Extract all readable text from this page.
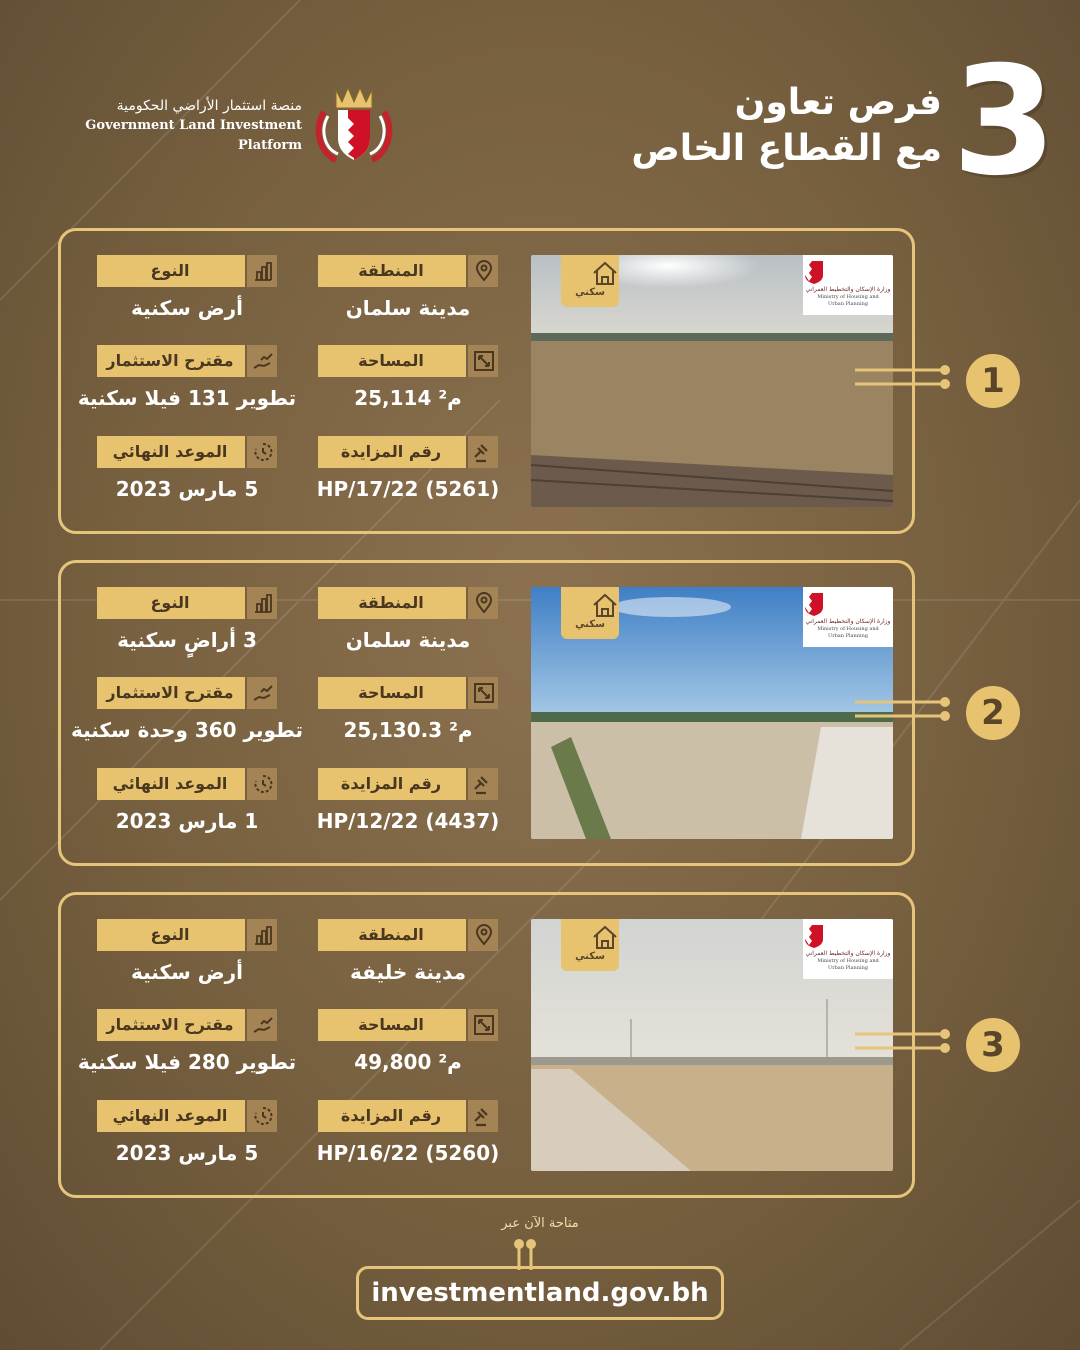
3
فرص تعاون
مع القطاع الخاص
منصة استثمار الأراضي الحكومية
Government Land Investment Platform
سكني	وزارة الإسكان والتخطيط العمراني
Ministry of Housing and
Urban Planning
المنطقة
مدينة سلمان
النوع
أرض سكنية
المساحة
25,114 م²
مقترح الاستثمار
تطوير 131 فيلا سكنية
رقم المزايدة
HP/17/22 (5261)
الموعد النهائي
5 مارس 2023
1
سكني	وزارة الإسكان والتخطيط العمراني
Ministry of Housing and
Urban Planning
المنطقة
مدينة سلمان
النوع
3 أراضٍ سكنية
المساحة
25,130.3 م²
مقترح الاستثمار
تطوير 360 وحدة سكنية
رقم المزايدة
HP/12/22 (4437)
الموعد النهائي
1 مارس 2023
2
سكني	وزارة الإسكان والتخطيط العمراني
Ministry of Housing and
Urban Planning
المنطقة
مدينة خليفة
النوع
أرض سكنية
المساحة
49,800 م²
مقترح الاستثمار
تطوير 280 فيلا سكنية
رقم المزايدة
HP/16/22 (5260)
الموعد النهائي
5 مارس 2023
3
متاحة الآن عبر
investmentland.gov.bh
